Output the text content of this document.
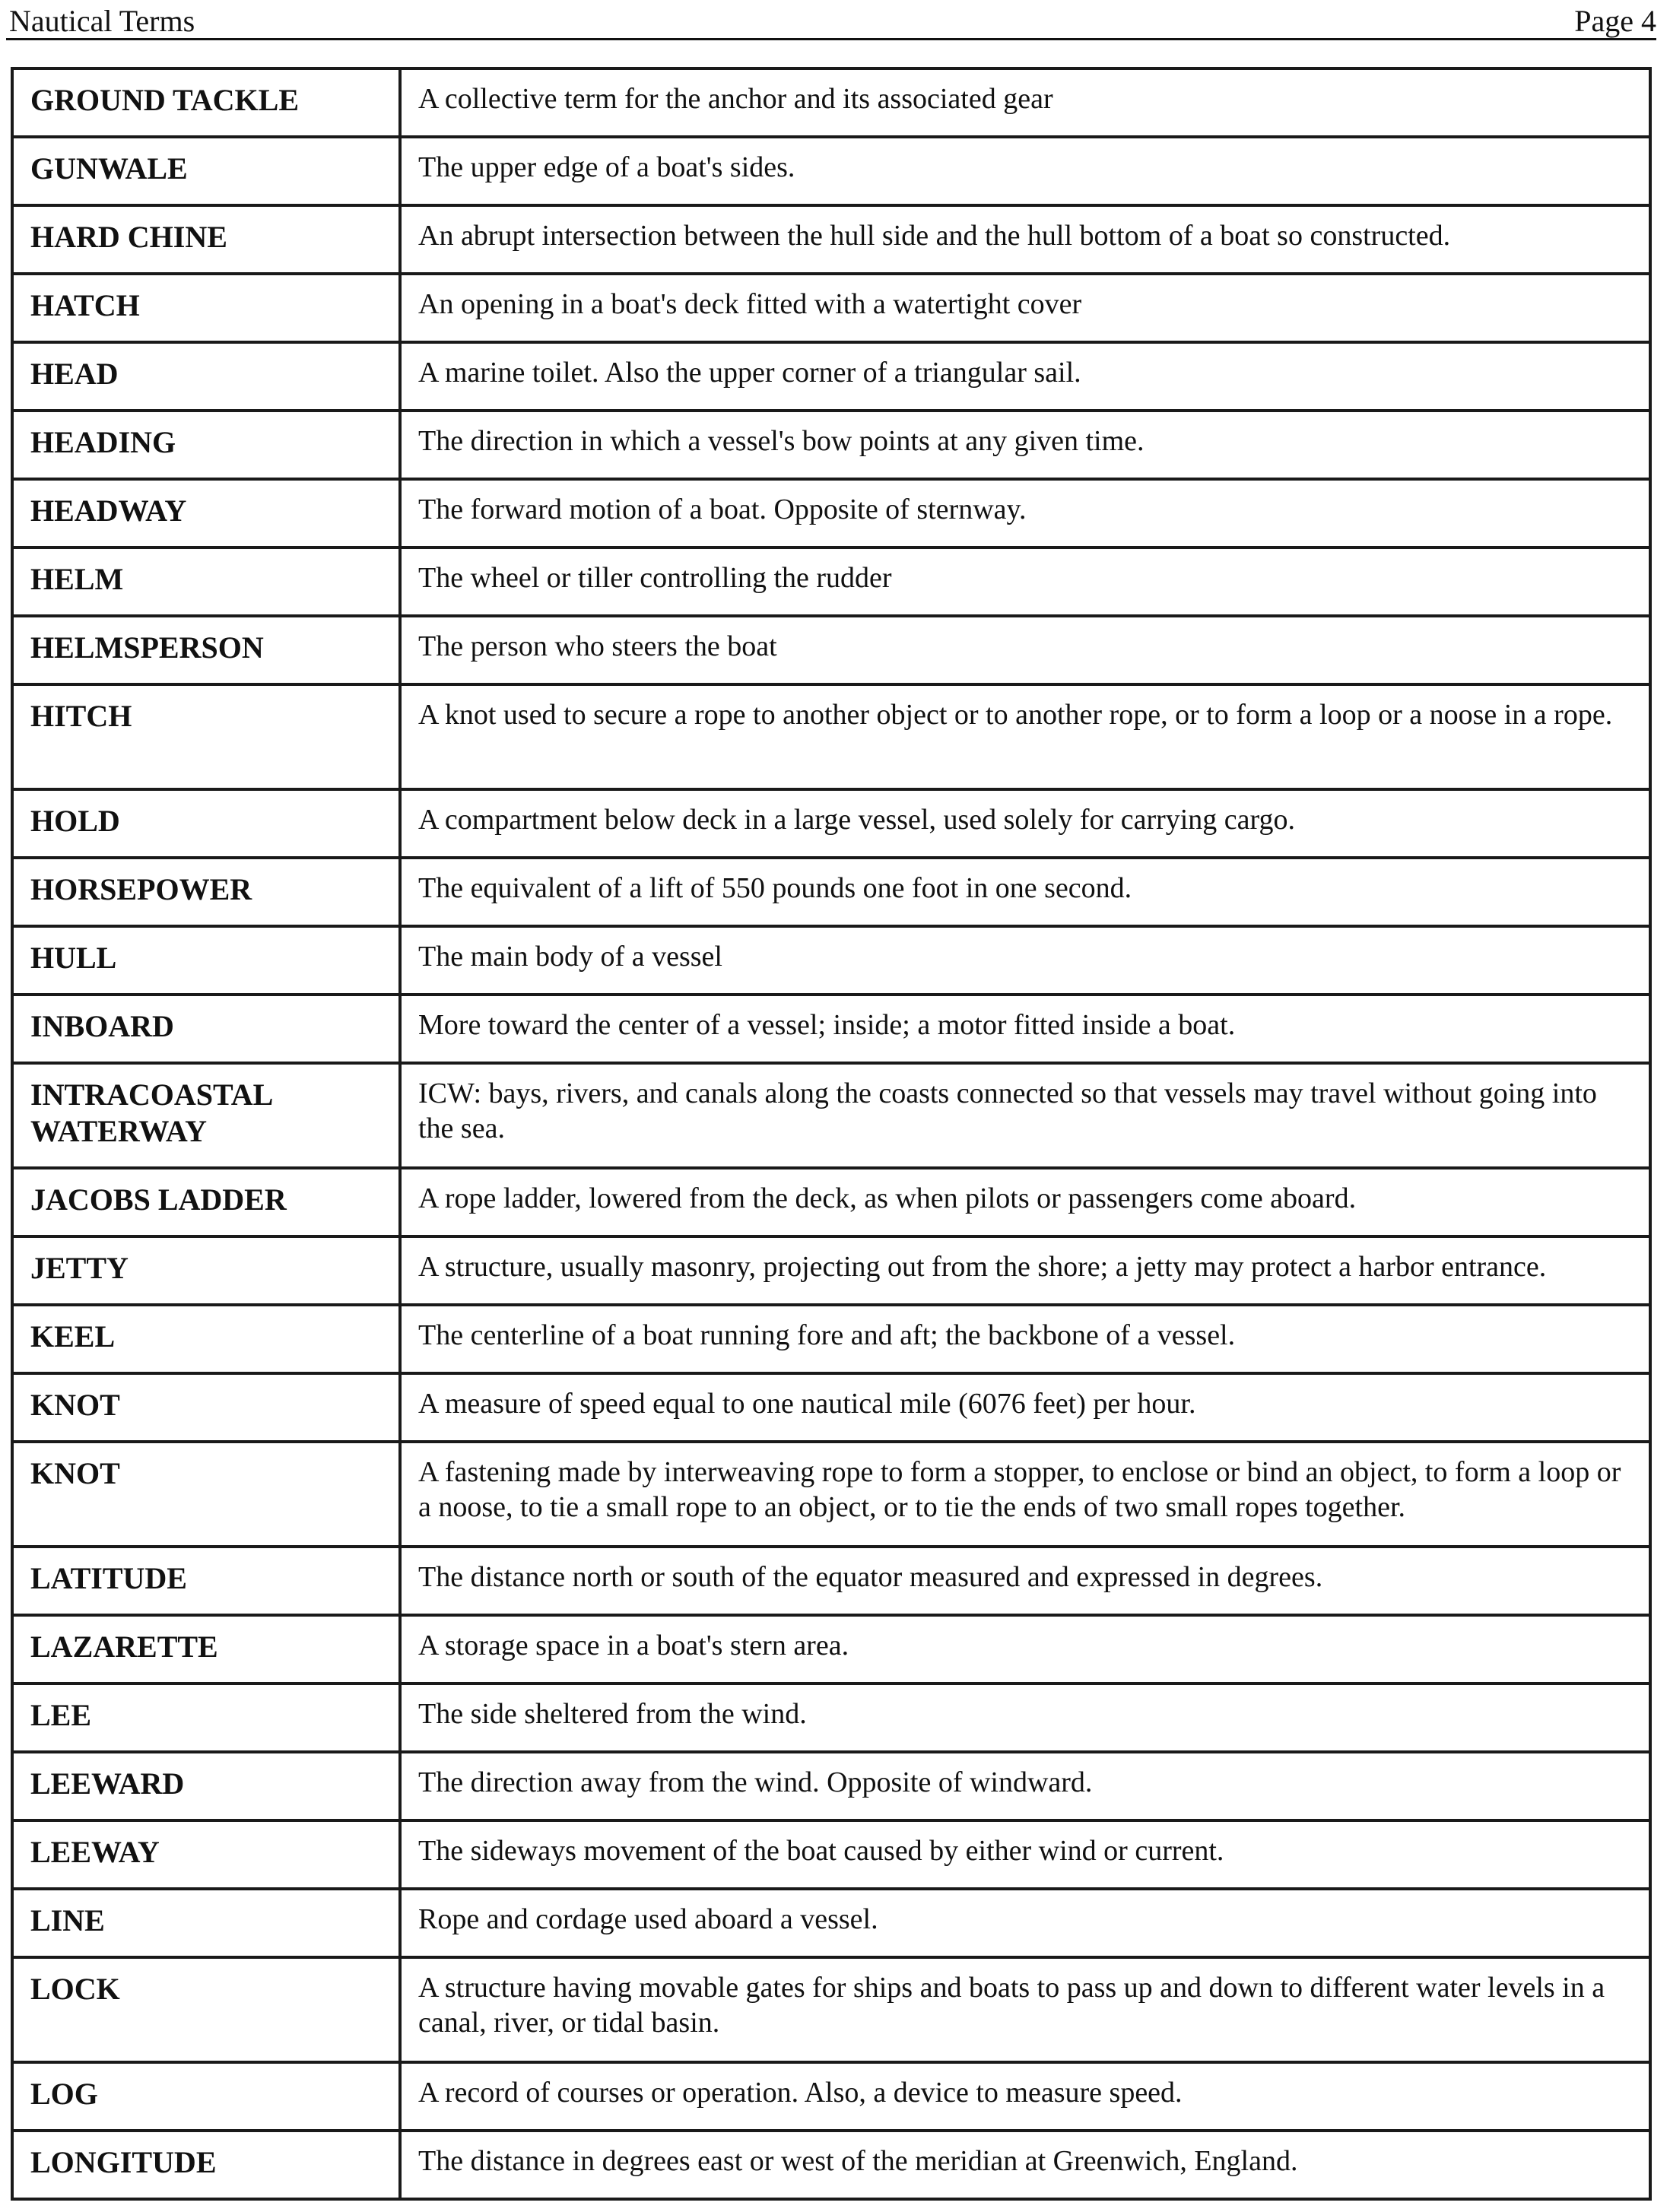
Nautical Terms	Page 4
GROUND TACKLE	A collective term for the anchor and its associated gear
GUNWALE	The upper edge of a boat's sides.
HARD CHINE	An abrupt intersection between the hull side and the hull bottom of a boat so constructed.
HATCH	An opening in a boat's deck fitted with a watertight cover
HEAD	A marine toilet. Also the upper corner of a triangular sail.
HEADING	The direction in which a vessel's bow points at any given time.
HEADWAY	The forward motion of a boat. Opposite of sternway.
HELM	The wheel or tiller controlling the rudder
HELMSPERSON	The person who steers the boat
HITCH	A knot used to secure a rope to another object or to another rope, or to form a loop or a noose in a rope.
HOLD	A compartment below deck in a large vessel, used solely for carrying cargo.
HORSEPOWER	The equivalent of a lift of 550 pounds one foot in one second.
HULL	The main body of a vessel
INBOARD	More toward the center of a vessel; inside; a motor fitted inside a boat.
INTRACOASTAL WATERWAY	ICW: bays, rivers, and canals along the coasts connected so that vessels may travel without going into the sea.
JACOBS LADDER	A rope ladder, lowered from the deck, as when pilots or passengers come aboard.
JETTY	A structure, usually masonry, projecting out from the shore; a jetty may protect a harbor entrance.
KEEL	The centerline of a boat running fore and aft; the backbone of a vessel.
KNOT	A measure of speed equal to one nautical mile (6076 feet) per hour.
KNOT	A fastening made by interweaving rope to form a stopper, to enclose or bind an object, to form a loop or a noose, to tie a small rope to an object, or to tie the ends of two small ropes together.
LATITUDE	The distance north or south of the equator measured and expressed in degrees.
LAZARETTE	A storage space in a boat's stern area.
LEE	The side sheltered from the wind.
LEEWARD	The direction away from the wind. Opposite of windward.
LEEWAY	The sideways movement of the boat caused by either wind or current.
LINE	Rope and cordage used aboard a vessel.
LOCK	A structure having movable gates for ships and boats to pass up and down to different water levels in a canal, river, or tidal basin.
LOG	A record of courses or operation. Also, a device to measure speed.
LONGITUDE	The distance in degrees east or west of the meridian at Greenwich, England.
